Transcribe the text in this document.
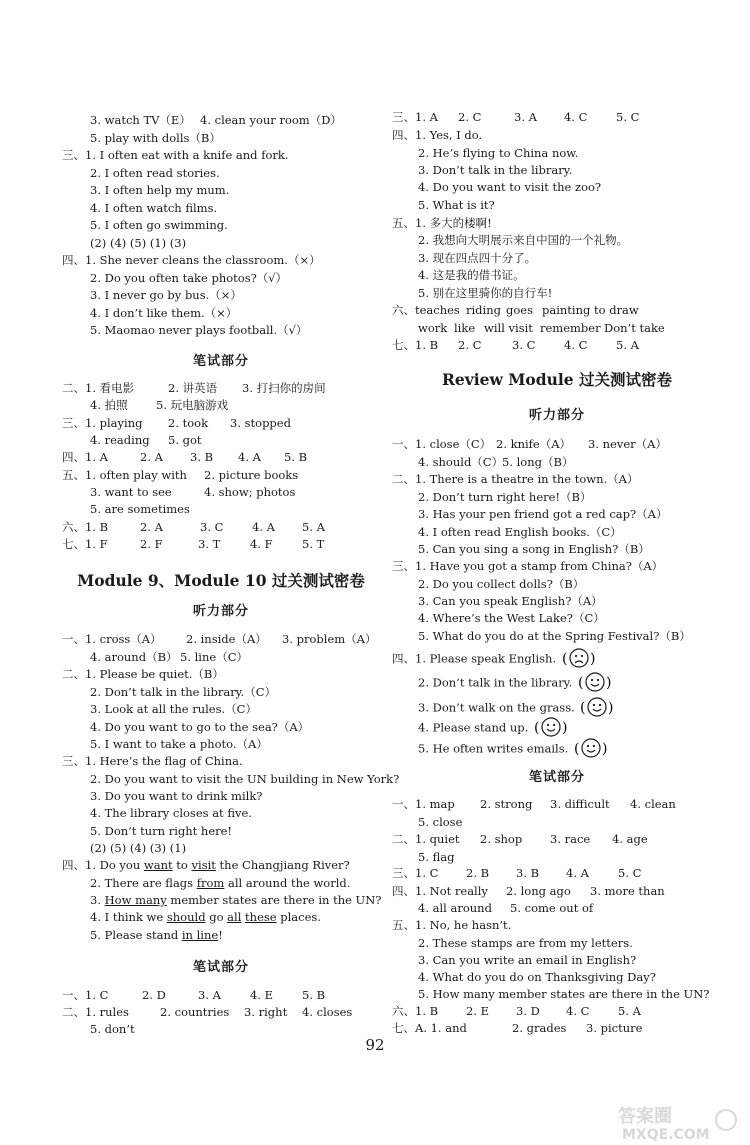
3. watch TV（E） 4. clean your room（D）
5. play with dolls（B）
三、1. I often eat with a knife and fork.
2. I often read stories.
3. I often help my mum.
4. I often watch films.
5. I often go swimming.
(2) (4) (5) (1) (3)
四、1. She never cleans the classroom.（×）
2. Do you often take photos?（√）
3. I never go by bus.（×）
4. I don’t like them.（×）
5. Maomao never plays football.（√）
笔试部分
二、1. 看电影	2. 讲英语 3. 打扫你的房间
4. 拍照 5. 玩电脑游戏
三、1. playing 2. took 3. stopped
4. reading 5. got
四、1. A	2. A 3. B 4. A 5. B
五、1. often play with 2. picture books
3. want to see	4. show; photos
5. are sometimes
六、1. B	2. A	3. C 4. A 5. A
七、1. F	2. F	3. T	4. F	5. T
Module 9、Module 10 过关测试密卷
听力部分
一、1. cross（A） 2. inside（A） 3. problem（A）
4. around（B） 5. line（C）
二、1. Please be quiet.（B）
2. Don’t talk in the library.（C）
3. Look at all the rules.（C）
4. Do you want to go to the sea?（A）
5. I want to take a photo.（A）
三、1. Here’s the flag of China.
2. Do you want to visit the UN building in New York?
3. Do you want to drink milk?
4. The library closes at five.
5. Don’t turn right here!
(2) (5) (4) (3) (1)
四、1. Do you want to visit the Changjiang River?
2. There are flags from all around the world.
3. How many member states are there in the UN?
4. I think we should go all these places.
5. Please stand in line!
笔试部分
一、1. C	2. D	3. A	4. E	5. B
二、1. rules	2. countries 3. right 4. closes
5. don’t
三、1. A 2. C	3. A 4. C 5. C
四、1. Yes, I do.
2. He’s flying to China now.
3. Don’t talk in the library.
4. Do you want to visit the zoo?
5. What is it?
五、1. 多大的楼啊!
2. 我想向大明展示来自中国的一个礼物。
3. 现在四点四十分了。
4. 这是我的借书证。
5. 别在这里骑你的自行车!
六、teaches riding goes painting to draw
work like will visit remember Don’t take
七、1. B 2. C	3. C 4. C 5. A
Review Module 过关测试密卷
听力部分
一、1. close（C） 2. knife（A） 3. never（A）
4. should（C）
5. long（B）
二、1. There is a theatre in the town.（A）
2. Don’t turn right here!（B）
3. Has your pen friend got a red cap?（A）
4. I often read English books.（C）
5. Can you sing a song in English?（B）
三、1. Have you got a stamp from China?（A）
2. Do you collect dolls?（B）
3. Can you speak English?（A）
4. Where’s the West Lake?（C）
5. What do you do at the Spring Festival?（B）
四、1. Please speak English. ( )
2. Don’t talk in the library. ( )
3. Don’t walk on the grass. ( )
4. Please stand up. ( )
5. He often writes emails. ( )
笔试部分
一、1. map 2. strong 3. difficult 4. clean
5. close
二、1. quiet 2. shop 3. race 4. age
5. flag
三、1. C 2. B 3. B 4. A	5. C
四、1. Not really 2. long ago 3. more than
4. all around 5. come out of
五、1. No, he hasn’t.
2. These stamps are from my letters.
3. Can you write an email in English?
4. What do you do on Thanksgiving Day?
5. How many member states are there in the UN?
六、1. B 2. E 3. D 4. C 5. A
七、A. 1. and	2. grades 3. picture
92
答案圈
MXQE.COM
